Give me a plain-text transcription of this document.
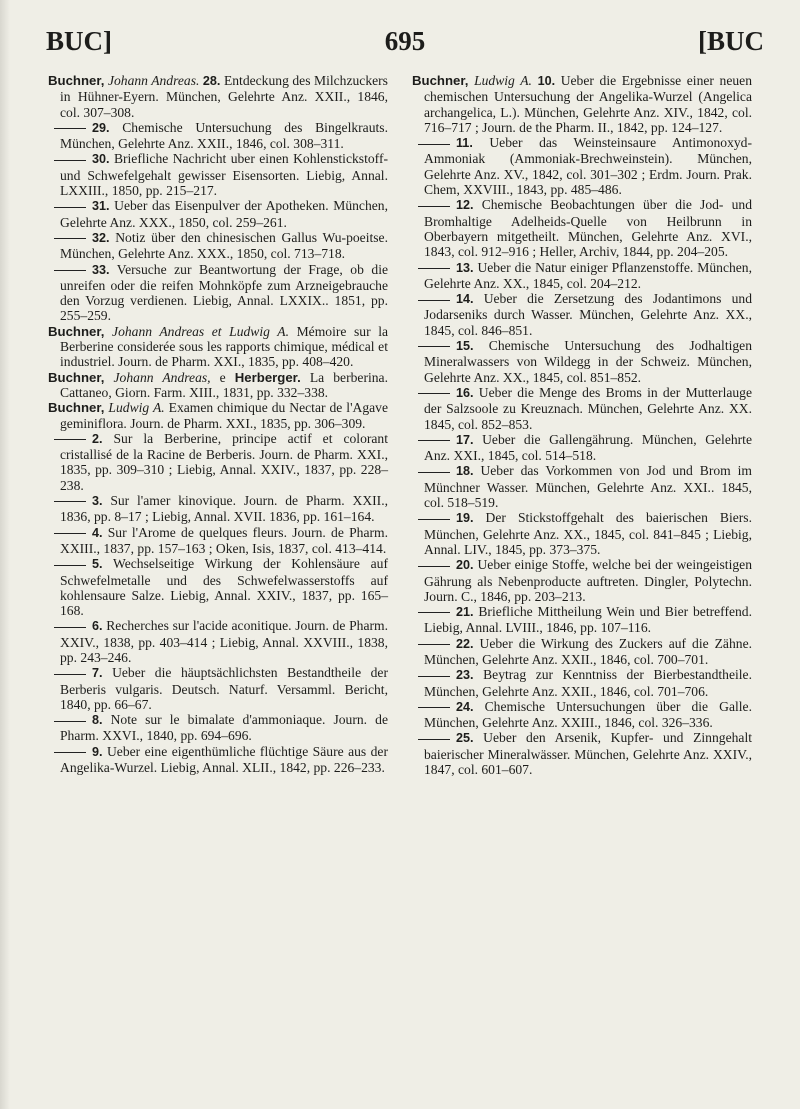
BUC]	695	[BUC
Buchner, Johann Andreas. 28. Entdeckung des Milchzuckers in Hühner-Eyern. München, Gelehrte Anz. XXII., 1846, col. 307–308.
29. Chemische Untersuchung des Bingelkrauts. München, Gelehrte Anz. XXII., 1846, col. 308–311.
30. Briefliche Nachricht uber einen Kohlenstickstoff- und Schwefelgehalt gewisser Eisensorten. Liebig, Annal. LXXIII., 1850, pp. 215–217.
31. Ueber das Eisenpulver der Apotheken. München, Gelehrte Anz. XXX., 1850, col. 259–261.
32. Notiz über den chinesischen Gallus Wu-poeitse. München, Gelehrte Anz. XXX., 1850, col. 713–718.
33. Versuche zur Beantwortung der Frage, ob die unreifen oder die reifen Mohnköpfe zum Arzneigebrauche den Vorzug verdienen. Liebig, Annal. LXXIX.. 1851, pp. 255–259.
Buchner, Johann Andreas et Ludwig A. Mémoire sur la Berberine considerée sous les rapports chimique, médical et industriel. Journ. de Pharm. XXI., 1835, pp. 408–420.
Buchner, Johann Andreas, e Herberger. La berberina. Cattaneo, Giorn. Farm. XIII., 1831, pp. 332–338.
Buchner, Ludwig A. Examen chimique du Nectar de l'Agave geminiflora. Journ. de Pharm. XXI., 1835, pp. 306–309.
2. Sur la Berberine, principe actif et colorant cristallisé de la Racine de Berberis. Journ. de Pharm. XXI., 1835, pp. 309–310 ; Liebig, Annal. XXIV., 1837, pp. 228–238.
3. Sur l'amer kinovique. Journ. de Pharm. XXII., 1836, pp. 8–17 ; Liebig, Annal. XVII. 1836, pp. 161–164.
4. Sur l'Arome de quelques fleurs. Journ. de Pharm. XXIII., 1837, pp. 157–163 ; Oken, Isis, 1837, col. 413–414.
5. Wechselseitige Wirkung der Kohlensäure auf Schwefelmetalle und des Schwefelwasserstoffs auf kohlensaure Salze. Liebig, Annal. XXIV., 1837, pp. 165–168.
6. Recherches sur l'acide aconitique. Journ. de Pharm. XXIV., 1838, pp. 403–414 ; Liebig, Annal. XXVIII., 1838, pp. 243–246.
7. Ueber die häuptsächlichsten Bestandtheile der Berberis vulgaris. Deutsch. Naturf. Versamml. Bericht, 1840, pp. 66–67.
8. Note sur le bimalate d'ammoniaque. Journ. de Pharm. XXVI., 1840, pp. 694–696.
9. Ueber eine eigenthümliche flüchtige Säure aus der Angelika-Wurzel. Liebig, Annal. XLII., 1842, pp. 226–233.
Buchner, Ludwig A. 10. Ueber die Ergebnisse einer neuen chemischen Untersuchung der Angelika-Wurzel (Angelica archangelica, L.). München, Gelehrte Anz. XIV., 1842, col. 716–717 ; Journ. de the Pharm. II., 1842, pp. 124–127.
11. Ueber das Weinsteinsaure Antimonoxyd-Ammoniak (Ammoniak-Brechweinstein). München, Gelehrte Anz. XV., 1842, col. 301–302 ; Erdm. Journ. Prak. Chem, XXVIII., 1843, pp. 485–486.
12. Chemische Beobachtungen über die Jod- und Bromhaltige Adelheids-Quelle von Heilbrunn in Oberbayern mitgetheilt. München, Gelehrte Anz. XVI., 1843, col. 912–916 ; Heller, Archiv, 1844, pp. 204–205.
13. Ueber die Natur einiger Pflanzenstoffe. München, Gelehrte Anz. XX., 1845, col. 204–212.
14. Ueber die Zersetzung des Jodantimons und Jodarseniks durch Wasser. München, Gelehrte Anz. XX., 1845, col. 846–851.
15. Chemische Untersuchung des Jodhaltigen Mineralwassers von Wildegg in der Schweiz. München, Gelehrte Anz. XX., 1845, col. 851–852.
16. Ueber die Menge des Broms in der Mutterlauge der Salzsoole zu Kreuznach. München, Gelehrte Anz. XX. 1845, col. 852–853.
17. Ueber die Gallengährung. München, Gelehrte Anz. XXI., 1845, col. 514–518.
18. Ueber das Vorkommen von Jod und Brom im Münchner Wasser. München, Gelehrte Anz. XXI.. 1845, col. 518–519.
19. Der Stickstoffgehalt des baierischen Biers. München, Gelehrte Anz. XX., 1845, col. 841–845 ; Liebig, Annal. LIV., 1845, pp. 373–375.
20. Ueber einige Stoffe, welche bei der weingeistigen Gährung als Nebenproducte auftreten. Dingler, Polytechn. Journ. C., 1846, pp. 203–213.
21. Briefliche Mittheilung Wein und Bier betreffend. Liebig, Annal. LVIII., 1846, pp. 107–116.
22. Ueber die Wirkung des Zuckers auf die Zähne. München, Gelehrte Anz. XXII., 1846, col. 700–701.
23. Beytrag zur Kenntniss der Bierbestandtheile. München, Gelehrte Anz. XXII., 1846, col. 701–706.
24. Chemische Untersuchungen über die Galle. München, Gelehrte Anz. XXIII., 1846, col. 326–336.
25. Ueber den Arsenik, Kupfer- und Zinngehalt baierischer Mineralwässer. München, Gelehrte Anz. XXIV., 1847, col. 601–607.
